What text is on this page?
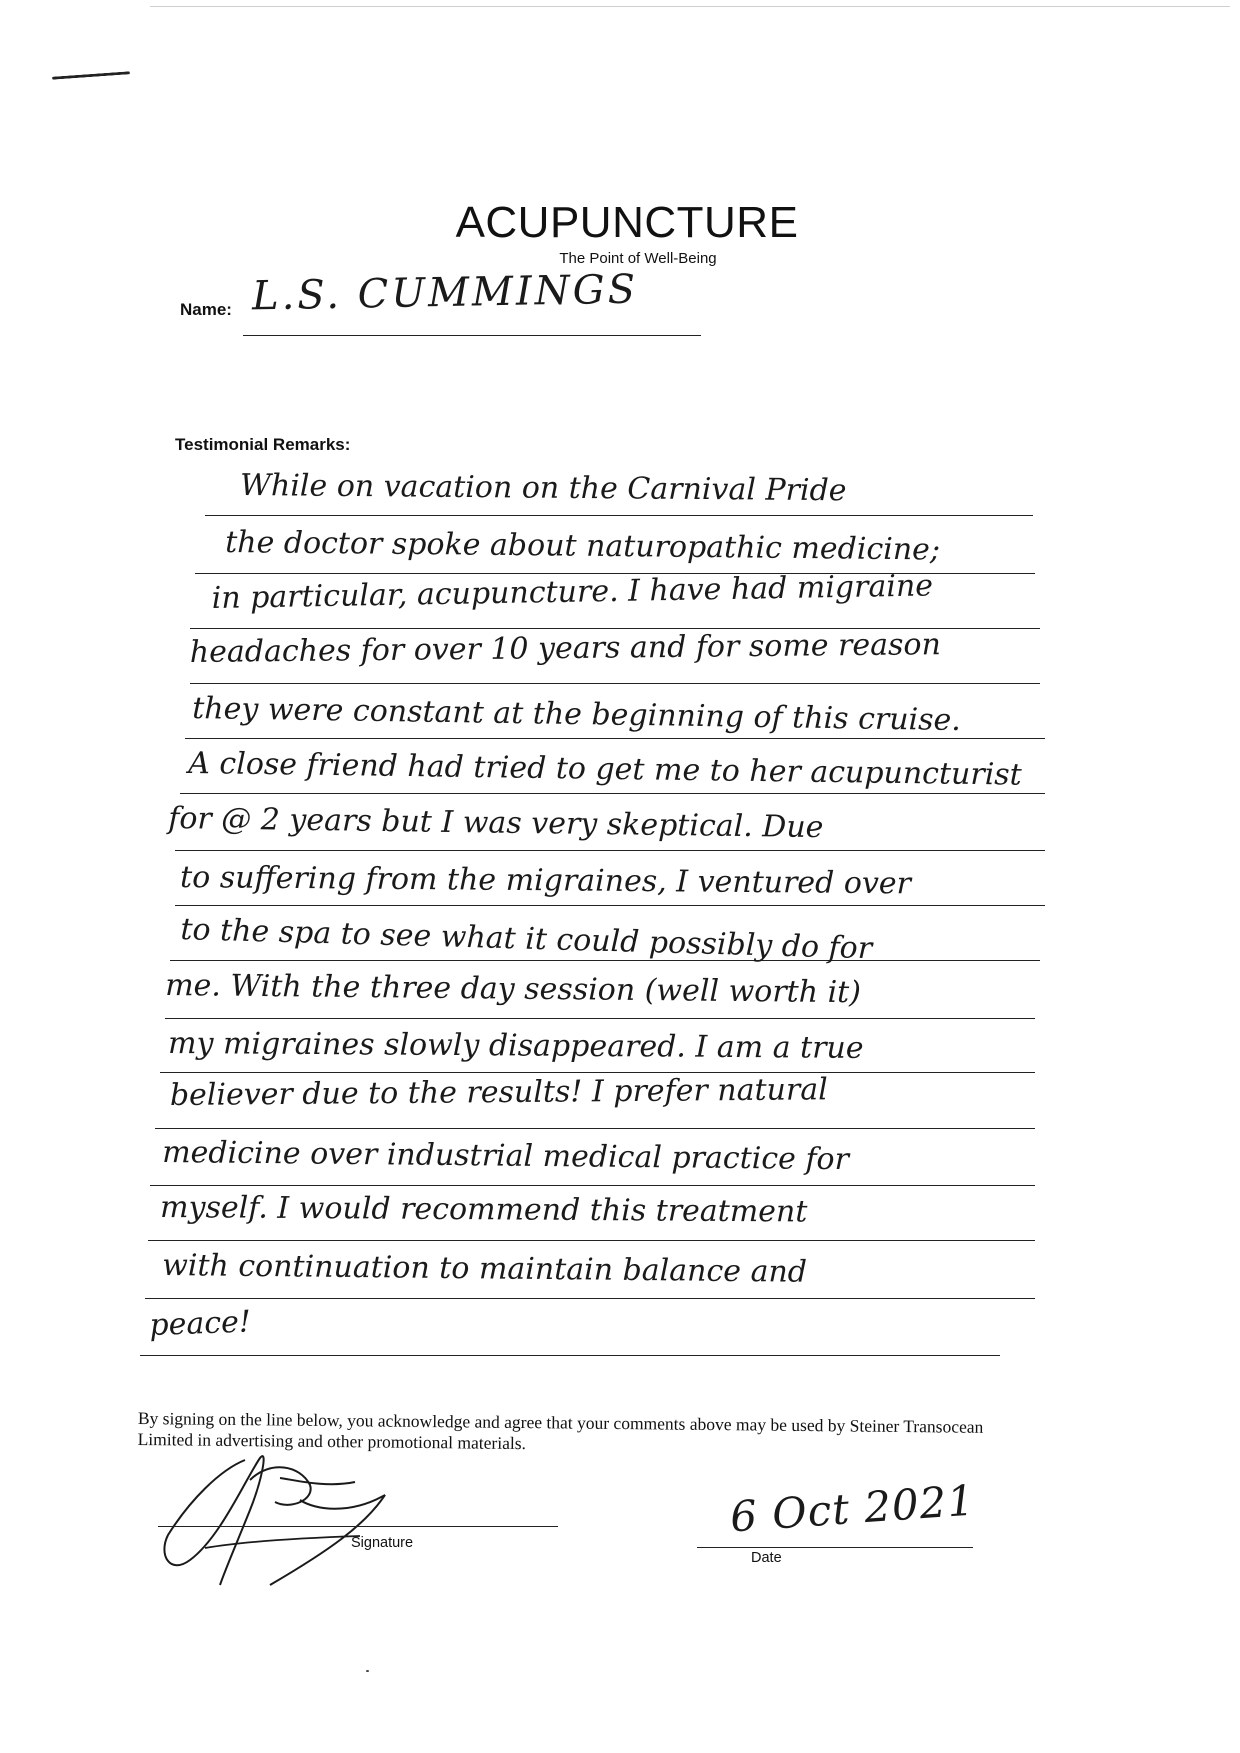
ACUPUNCTURE
The Point of Well-Being
Name: L.S. CUMMINGS
Testimonial Remarks:
While on vacation on the Carnival Pride
the doctor spoke about naturopathic medicine;
in particular, acupuncture. I have had migraine
headaches for over 10 years and for some reason
they were constant at the beginning of this cruise.
A close friend had tried to get me to her acupuncturist
for @ 2 years but I was very skeptical. Due
to suffering from the migraines, I ventured over
to the spa to see what it could possibly do for
me. With the three day session (well worth it)
my migraines slowly disappeared. I am a true
believer due to the results! I prefer natural
medicine over industrial medical practice for
myself. I would recommend this treatment
with continuation to maintain balance and
peace!
By signing on the line below, you acknowledge and agree that your comments above may be used by Steiner Transocean Limited in advertising and other promotional materials.
Signature
6 Oct 2021
Date
